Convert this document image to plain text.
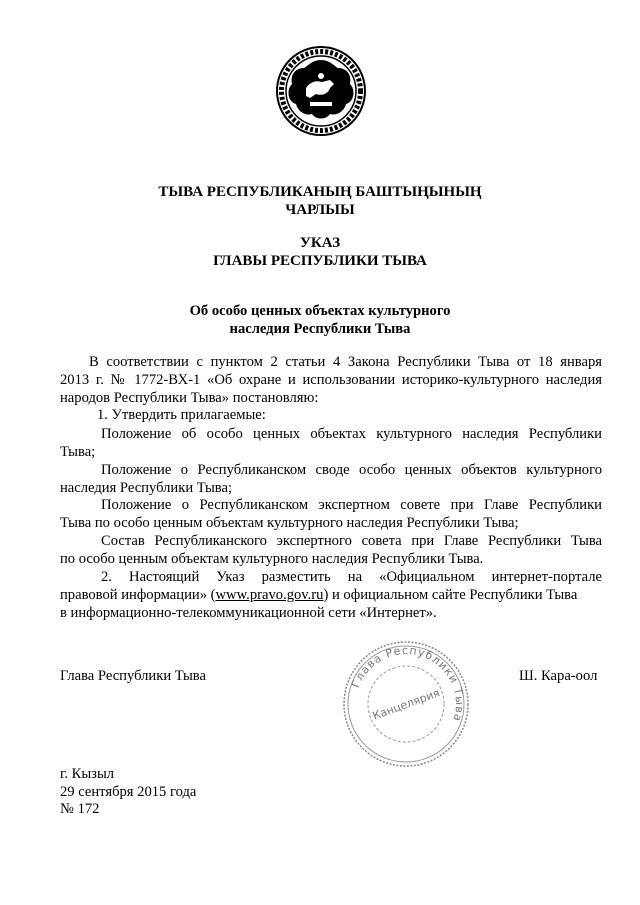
ТЫВА РЕСПУБЛИКАНЫҢ БАШТЫҢЫНЫҢ
ЧАРЛЫЫ
УКАЗ
ГЛАВЫ РЕСПУБЛИКИ ТЫВА
Об особо ценных объектах культурного
наследия Республики Тыва
В соответствии с пунктом 2 статьи 4 Закона Республики Тыва от 18 января
2013 г. № 1772-ВХ-1 «Об охране и использовании историко-культурного наследия
народов Республики Тыва» постановляю:
1. Утвердить прилагаемые:
Положение об особо ценных объектах культурного наследия Республики
Тыва;
Положение о Республиканском своде особо ценных объектов культурного
наследия Республики Тыва;
Положение о Республиканском экспертном совете при Главе Республики
Тыва по особо ценным объектам культурного наследия Республики Тыва;
Состав Республиканского экспертного совета при Главе Республики Тыва
по особо ценным объектам культурного наследия Республики Тыва.
2. Настоящий Указ разместить на «Официальном интернет-портале
правовой информации» (www.pravo.gov.ru) и официальном сайте Республики Тыва
в информационно-телекоммуникационной сети «Интернет».
Глава Республики Тыва	Ш. Кара-оол
Глава Республики Тыва
Канцелярия
г. Кызыл
29 сентября 2015 года
№ 172
